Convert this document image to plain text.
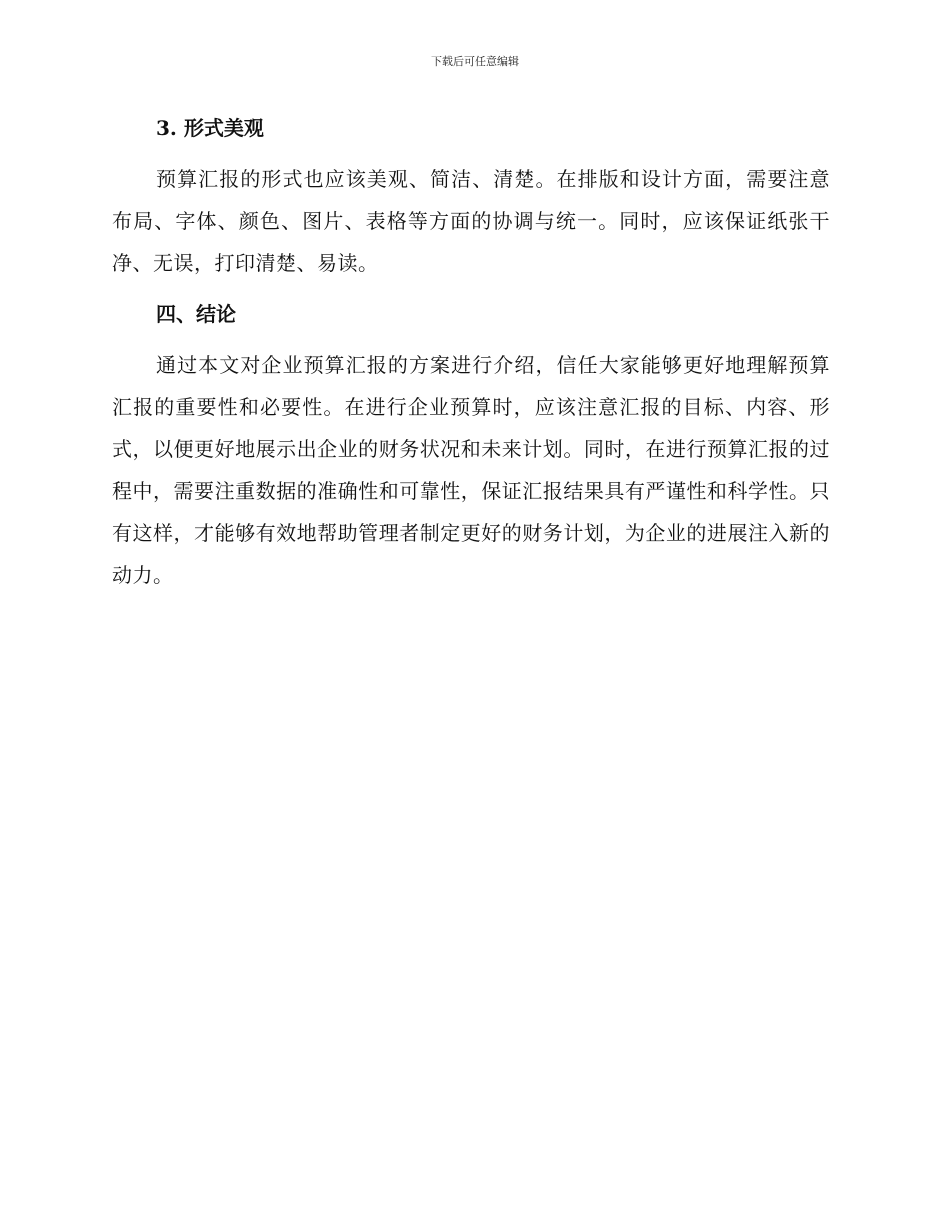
下载后可任意编辑
3. 形式美观

预算汇报的形式也应该美观、简洁、清楚。在排版和设计方面，需要注意布局、字体、颜色、图片、表格等方面的协调与统一。同时，应该保证纸张干净、无误，打印清楚、易读。

四、结论

通过本文对企业预算汇报的方案进行介绍，信任大家能够更好地理解预算汇报的重要性和必要性。在进行企业预算时，应该注意汇报的目标、内容、形式，以便更好地展示出企业的财务状况和未来计划。同时，在进行预算汇报的过程中，需要注重数据的准确性和可靠性，保证汇报结果具有严谨性和科学性。只有这样，才能够有效地帮助管理者制定更好的财务计划，为企业的进展注入新的动力。
